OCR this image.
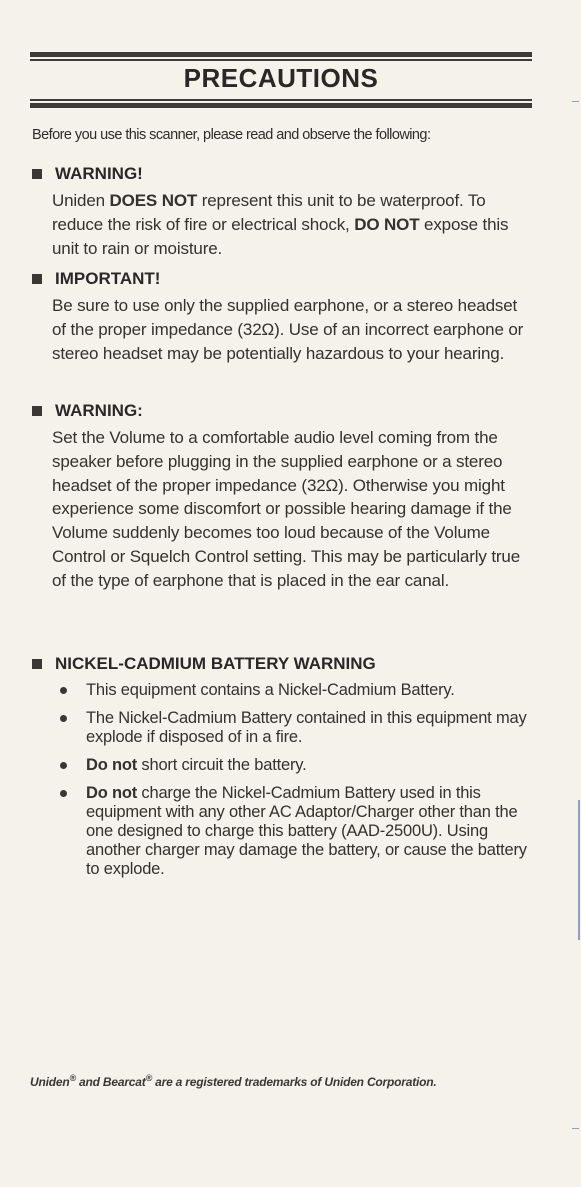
PRECAUTIONS
Before you use this scanner, please read and observe the following:
WARNING!
Uniden DOES NOT represent this unit to be waterproof. To reduce the risk of fire or electrical shock, DO NOT expose this unit to rain or moisture.
IMPORTANT!
Be sure to use only the supplied earphone, or a stereo headset of the proper impedance (32Ω). Use of an incorrect earphone or stereo headset may be potentially hazardous to your hearing.
WARNING:
Set the Volume to a comfortable audio level coming from the speaker before plugging in the supplied earphone or a stereo headset of the proper impedance (32Ω). Otherwise you might experience some discomfort or possible hearing damage if the Volume suddenly becomes too loud because of the Volume Control or Squelch Control setting. This may be particularly true of the type of earphone that is placed in the ear canal.
NICKEL-CADMIUM BATTERY WARNING
This equipment contains a Nickel-Cadmium Battery.
The Nickel-Cadmium Battery contained in this equipment may explode if disposed of in a fire.
Do not short circuit the battery.
Do not charge the Nickel-Cadmium Battery used in this equipment with any other AC Adaptor/Charger other than the one designed to charge this battery (AAD-2500U). Using another charger may damage the battery, or cause the battery to explode.
Uniden® and Bearcat® are a registered trademarks of Uniden Corporation.
